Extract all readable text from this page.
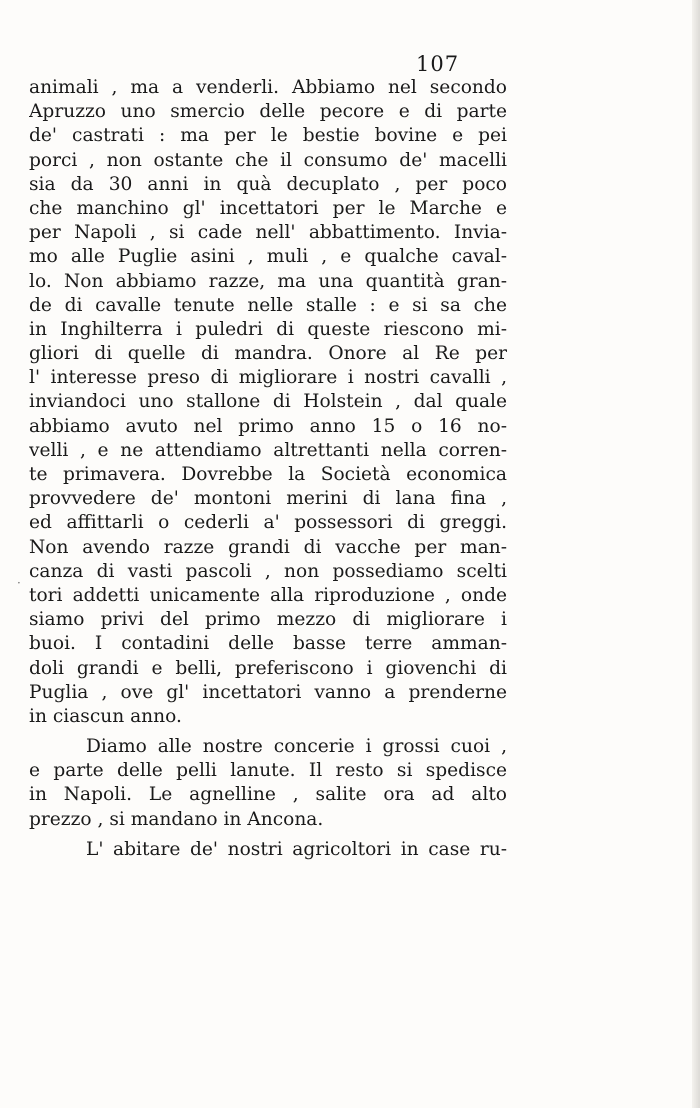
107
·
animali , ma a venderli. Abbiamo nel secondo
Apruzzo uno smercio delle pecore e di parte
de' castrati : ma per le bestie bovine e pei
porci , non ostante che il consumo de' macelli
sia da 30 anni in quà decuplato , per poco
che manchino gl' incettatori per le Marche e
per Napoli , si cade nell' abbattimento. Invia-
mo alle Puglie asini , muli , e qualche caval-
lo. Non abbiamo razze, ma una quantità gran-
de di cavalle tenute nelle stalle : e si sa che
in Inghilterra i puledri di queste riescono mi-
gliori di quelle di mandra. Onore al Re per
l' interesse preso di migliorare i nostri cavalli ,
inviandoci uno stallone di Holstein , dal quale
abbiamo avuto nel primo anno 15 o 16 no-
velli , e ne attendiamo altrettanti nella corren-
te primavera. Dovrebbe la Società economica
provvedere de' montoni merini di lana fina ,
ed affittarli o cederli a' possessori di greggi.
Non avendo razze grandi di vacche per man-
canza di vasti pascoli , non possediamo scelti
tori addetti unicamente alla riproduzione , onde
siamo privi del primo mezzo di migliorare i
buoi. I contadini delle basse terre amman-
doli grandi e belli, preferiscono i giovenchi di
Puglia , ove gl' incettatori vanno a prenderne
in ciascun anno.
Diamo alle nostre concerie i grossi cuoi ,
e parte delle pelli lanute. Il resto si spedisce
in Napoli. Le agnelline , salite ora ad alto
prezzo , si mandano in Ancona.
L' abitare de' nostri agricoltori in case ru-
